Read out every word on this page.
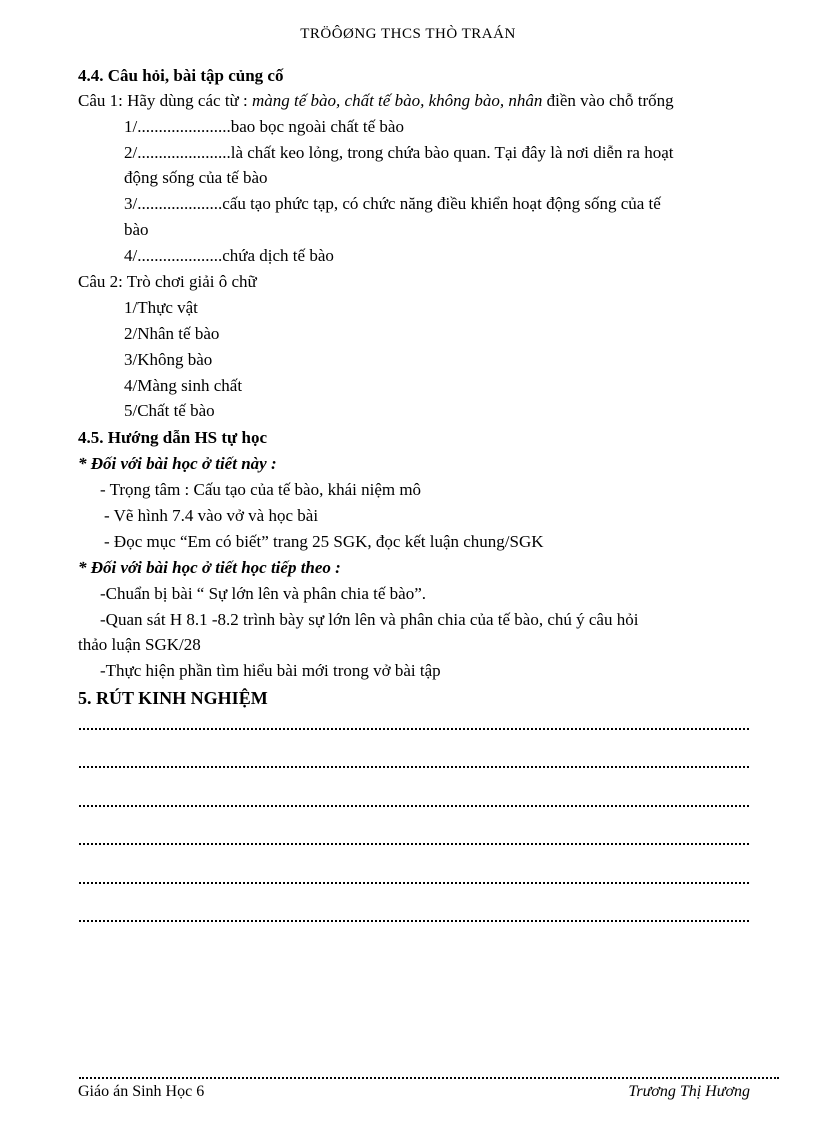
TRÖÔØNG THCS THÒ TRAÁN
4.4. Câu hỏi, bài tập củng cố
Câu 1: Hãy dùng các từ : màng tế bào, chất tế bào, không bào, nhân điền vào chỗ trống
1/......................bao bọc ngoài chất tế bào
2/......................là chất keo lỏng, trong chứa bào quan. Tại đây là nơi diễn ra hoạt
động sống của tế bào
3/....................cấu tạo phức tạp, có chức năng điều khiển hoạt động sống của tế
bào
4/....................chứa dịch tế bào
Câu 2: Trò chơi giải ô chữ
1/Thực vật
2/Nhân tế bào
3/Không bào
4/Màng sinh chất
5/Chất tế bào
4.5. Hướng dẫn HS tự học
* Đối với bài học ở tiết này :
- Trọng tâm : Cấu tạo của tế bào, khái niệm mô
- Vẽ hình 7.4 vào vở và học bài
- Đọc mục “Em có biết” trang 25 SGK, đọc kết luận chung/SGK
* Đối với bài học ở tiết học tiếp theo :
-Chuẩn bị bài “ Sự lớn lên và phân chia tế bào”.
-Quan sát H 8.1 -8.2 trình bày sự lớn lên và phân chia của tế bào, chú ý câu hỏi
thảo luận SGK/28
-Thực hiện phần tìm hiểu bài mới trong vở bài tập
5. RÚT KINH NGHIỆM
Giáo án Sinh Học 6	Trương Thị Hương
